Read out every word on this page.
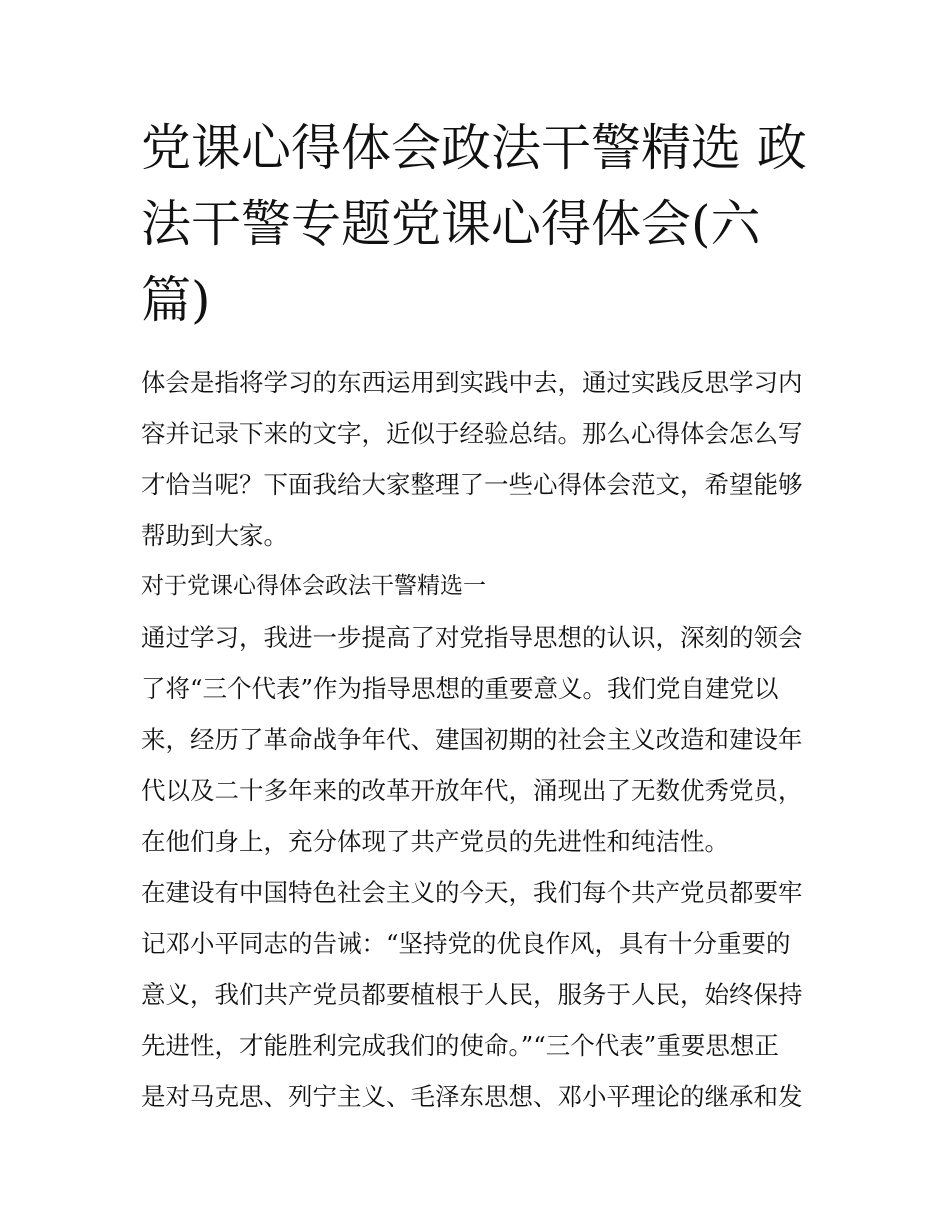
党课心得体会政法干警精选 政
法干警专题党课心得体会(六
篇)
体会是指将学习的东西运用到实践中去，通过实践反思学习内
容并记录下来的文字，近似于经验总结。那么心得体会怎么写
才恰当呢？下面我给大家整理了一些心得体会范文，希望能够
帮助到大家。
对于党课心得体会政法干警精选一
通过学习，我进一步提高了对党指导思想的认识，深刻的领会
了将“三个代表”作为指导思想的重要意义。我们党自建党以
来，经历了革命战争年代、建国初期的社会主义改造和建设年
代以及二十多年来的改革开放年代，涌现出了无数优秀党员，
在他们身上，充分体现了共产党员的先进性和纯洁性。
在建设有中国特色社会主义的今天，我们每个共产党员都要牢
记邓小平同志的告诫：“坚持党的优良作风，具有十分重要的
意义，我们共产党员都要植根于人民，服务于人民，始终保持
先进性，才能胜利完成我们的使命。”“三个代表”重要思想正
是对马克思、列宁主义、毛泽东思想、邓小平理论的继承和发
